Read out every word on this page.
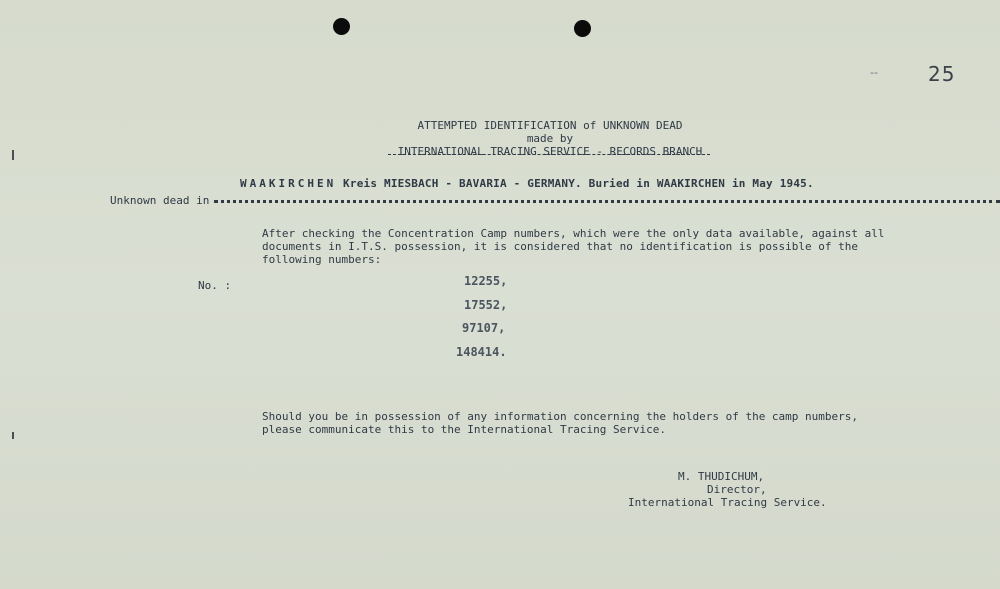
--	25
ATTEMPTED IDENTIFICATION of UNKNOWN DEAD
made by
INTERNATIONAL TRACING SERVICE - RECORDS BRANCH
WAAKIRCHEN Kreis MIESBACH - BAVARIA - GERMANY. Buried in WAAKIRCHEN in May 1945.
Unknown dead in
After checking the Concentration Camp numbers, which were the only data available, against all
documents in I.T.S. possession, it is considered that no identification is possible of the
following numbers:
No. :	12255,
17552,
97107,
148414.
Should you be in possession of any information concerning the holders of the camp numbers,
please communicate this to the International Tracing Service.
M. THUDICHUM,
Director,
International Tracing Service.
